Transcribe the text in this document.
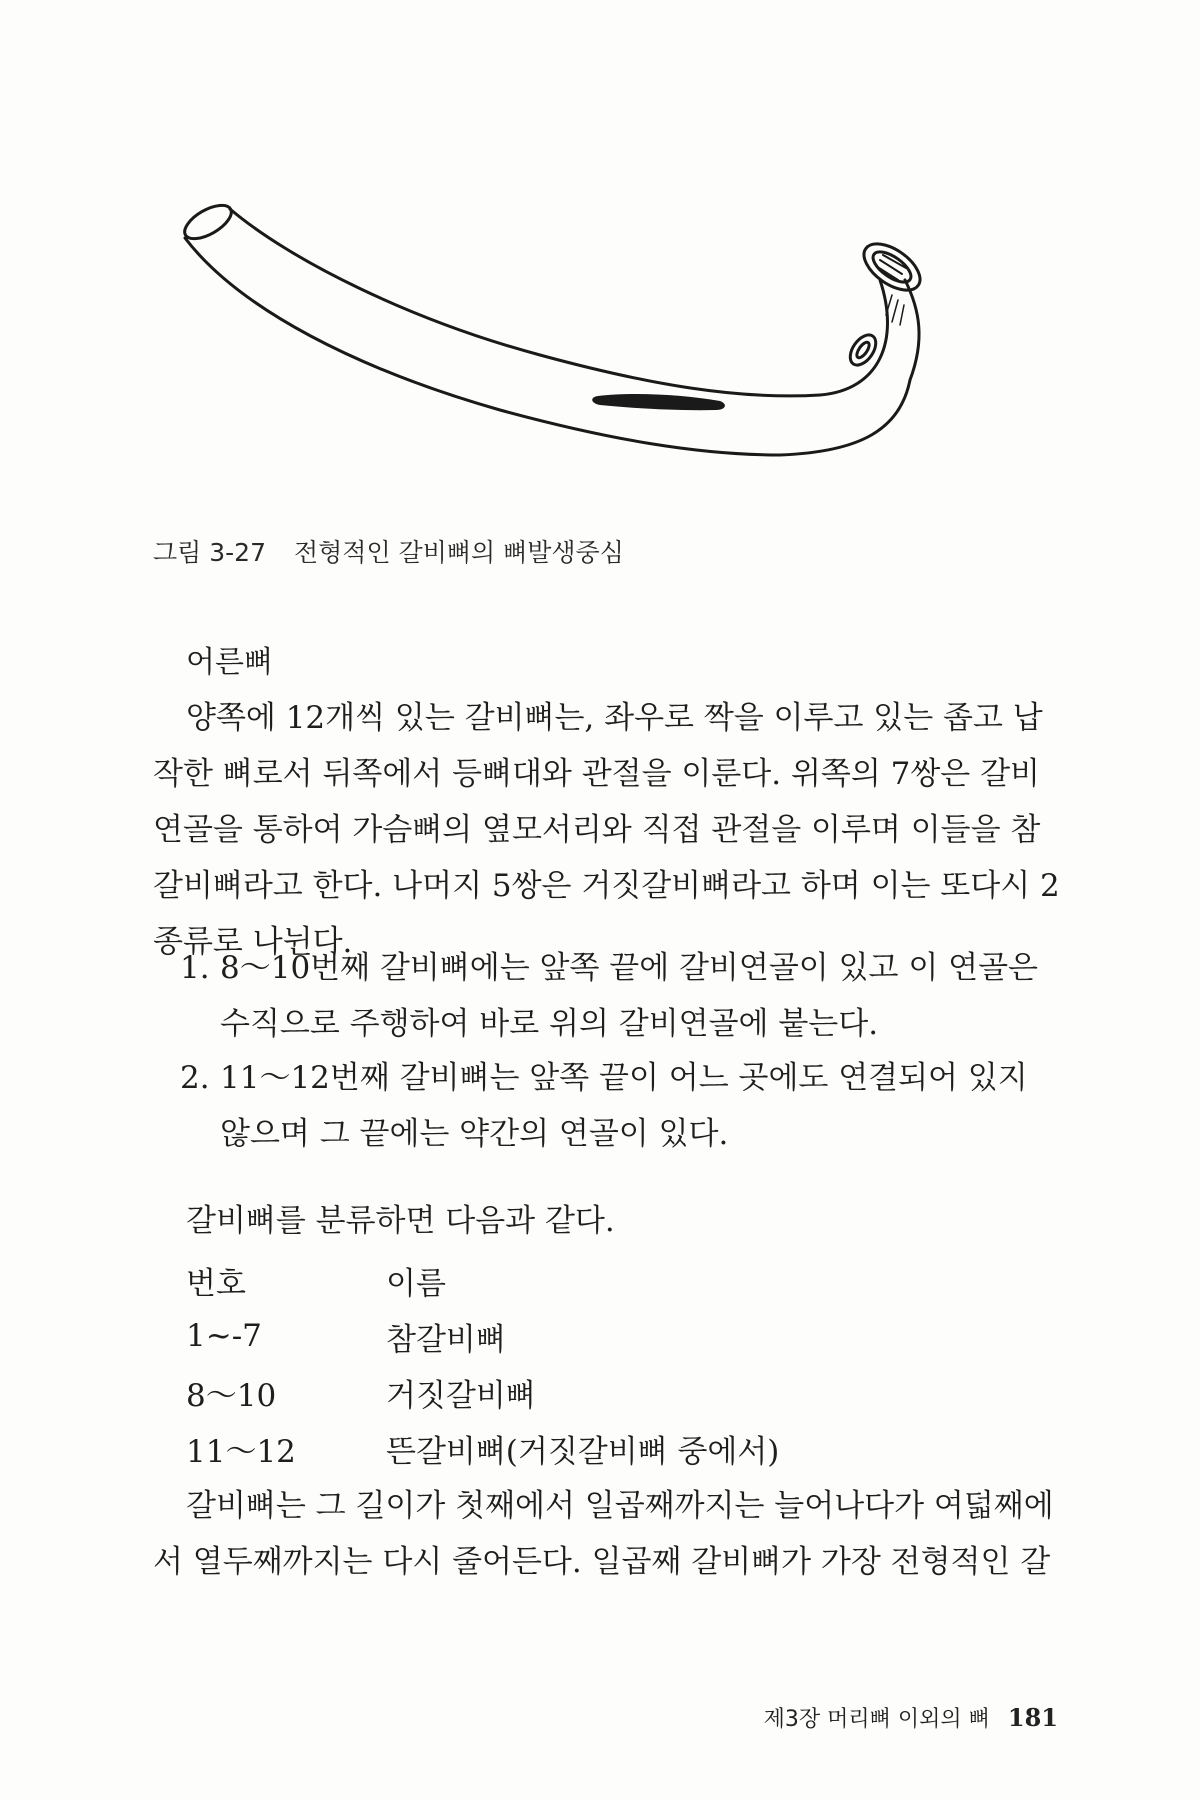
그림 3-27 전형적인 갈비뼈의 뼈발생중심
어른뼈
양쪽에 12개씩 있는 갈비뼈는, 좌우로 짝을 이루고 있는 좁고 납작한 뼈로서 뒤쪽에서 등뼈대와 관절을 이룬다. 위쪽의 7쌍은 갈비연골을 통하여 가슴뼈의 옆모서리와 직접 관절을 이루며 이들을 참갈비뼈라고 한다. 나머지 5쌍은 거짓갈비뼈라고 하며 이는 또다시 2종류로 나뉜다.
1. 8～10번째 갈비뼈에는 앞쪽 끝에 갈비연골이 있고 이 연골은 수직으로 주행하여 바로 위의 갈비연골에 붙는다.
2. 11～12번째 갈비뼈는 앞쪽 끝이 어느 곳에도 연결되어 있지 않으며 그 끝에는 약간의 연골이 있다.
갈비뼈를 분류하면 다음과 같다.
번호	이름
1~-7	참갈비뼈
8～10	거짓갈비뼈
11～12	뜬갈비뼈(거짓갈비뼈 중에서)
갈비뼈는 그 길이가 첫째에서 일곱째까지는 늘어나다가 여덟째에서 열두째까지는 다시 줄어든다. 일곱째 갈비뼈가 가장 전형적인 갈
제3장 머리뼈 이외의 뼈 181
